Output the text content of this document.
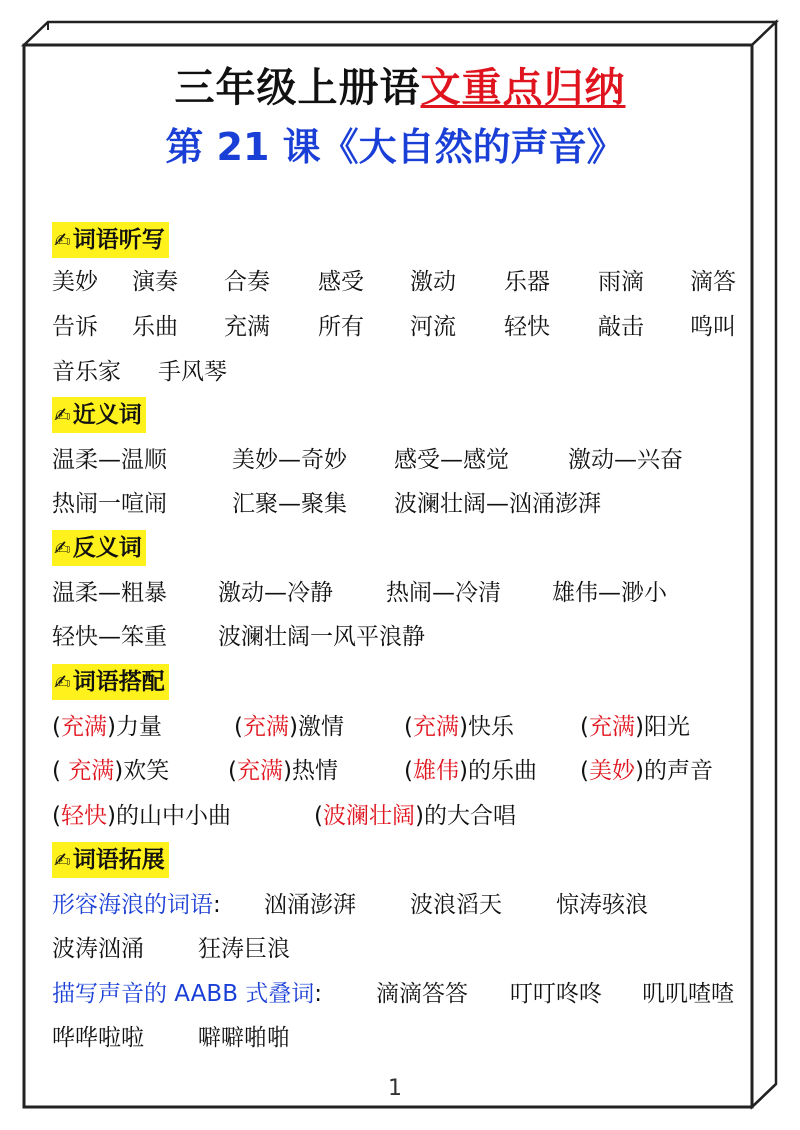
三年级上册语文重点归纳
第 21 课《大自然的声音》
✍词语听写
美妙 演奏 合奏 感受 激动 乐器 雨滴 滴答
告诉 乐曲 充满 所有 河流 轻快 敲击 鸣叫
音乐家 手风琴
✍近义词
温柔—温顺	美妙—奇妙 感受—感觉	激动—兴奋
热闹一喧闹	汇聚—聚集 波澜壮阔—汹涌澎湃
✍反义词
温柔—粗暴 激动—冷静 热闹—冷清 雄伟—渺小
轻快—笨重 波澜壮阔一风平浪静
✍词语搭配
(充满)力量	(充满)激情	(充满)快乐	(充满)阳光
( 充满)欢笑	(充满)热情	(雄伟)的乐曲 (美妙)的声音
(轻快)的山中小曲	(波澜壮阔)的大合唱
✍词语拓展
形容海浪的词语: 汹涌澎湃 波浪滔天 惊涛骇浪
波涛汹涌 狂涛巨浪
描写声音的 AABB 式叠词: 滴滴答答 叮叮咚咚 叽叽喳喳
哗哗啦啦 噼噼啪啪
1
